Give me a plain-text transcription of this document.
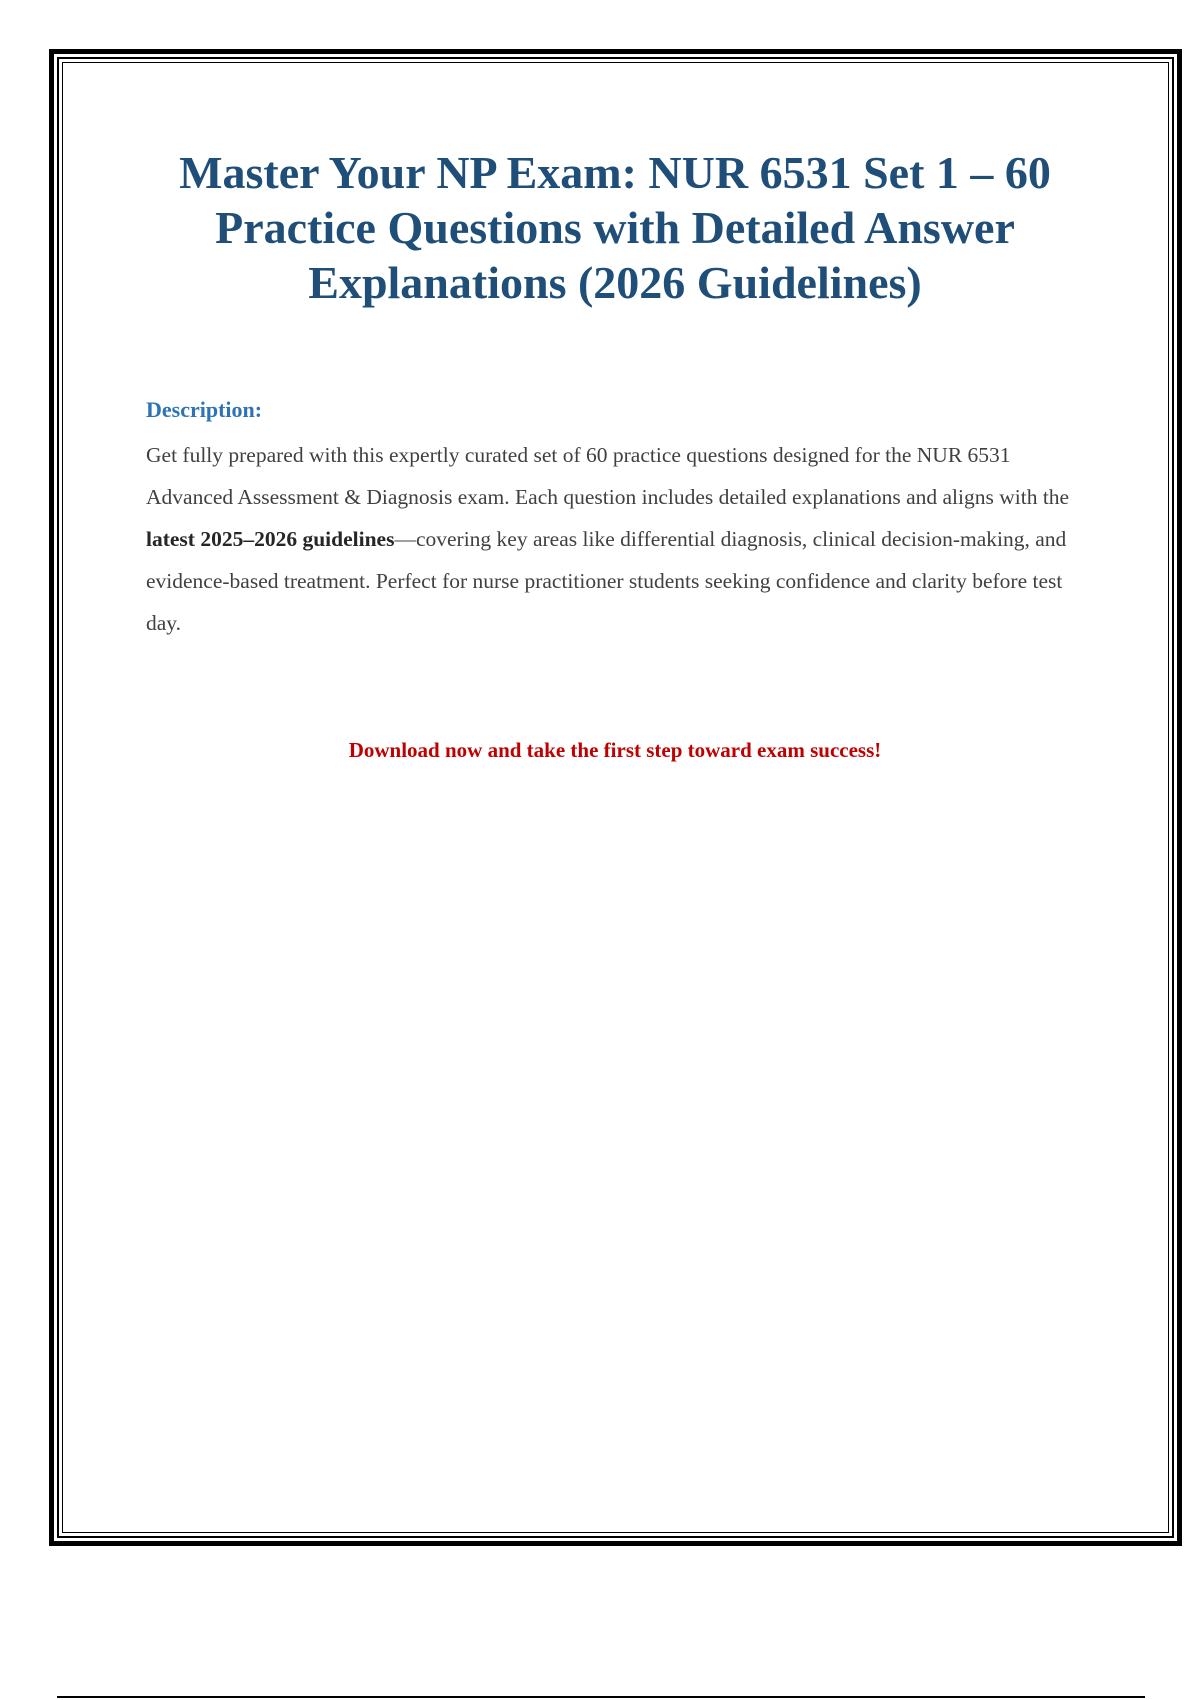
Master Your NP Exam: NUR 6531 Set 1 – 60 Practice Questions with Detailed Answer Explanations (2026 Guidelines)
Description:

Get fully prepared with this expertly curated set of 60 practice questions designed for the NUR 6531 Advanced Assessment & Diagnosis exam. Each question includes detailed explanations and aligns with the latest 2025–2026 guidelines—covering key areas like differential diagnosis, clinical decision-making, and evidence-based treatment. Perfect for nurse practitioner students seeking confidence and clarity before test day.

Download now and take the first step toward exam success!
